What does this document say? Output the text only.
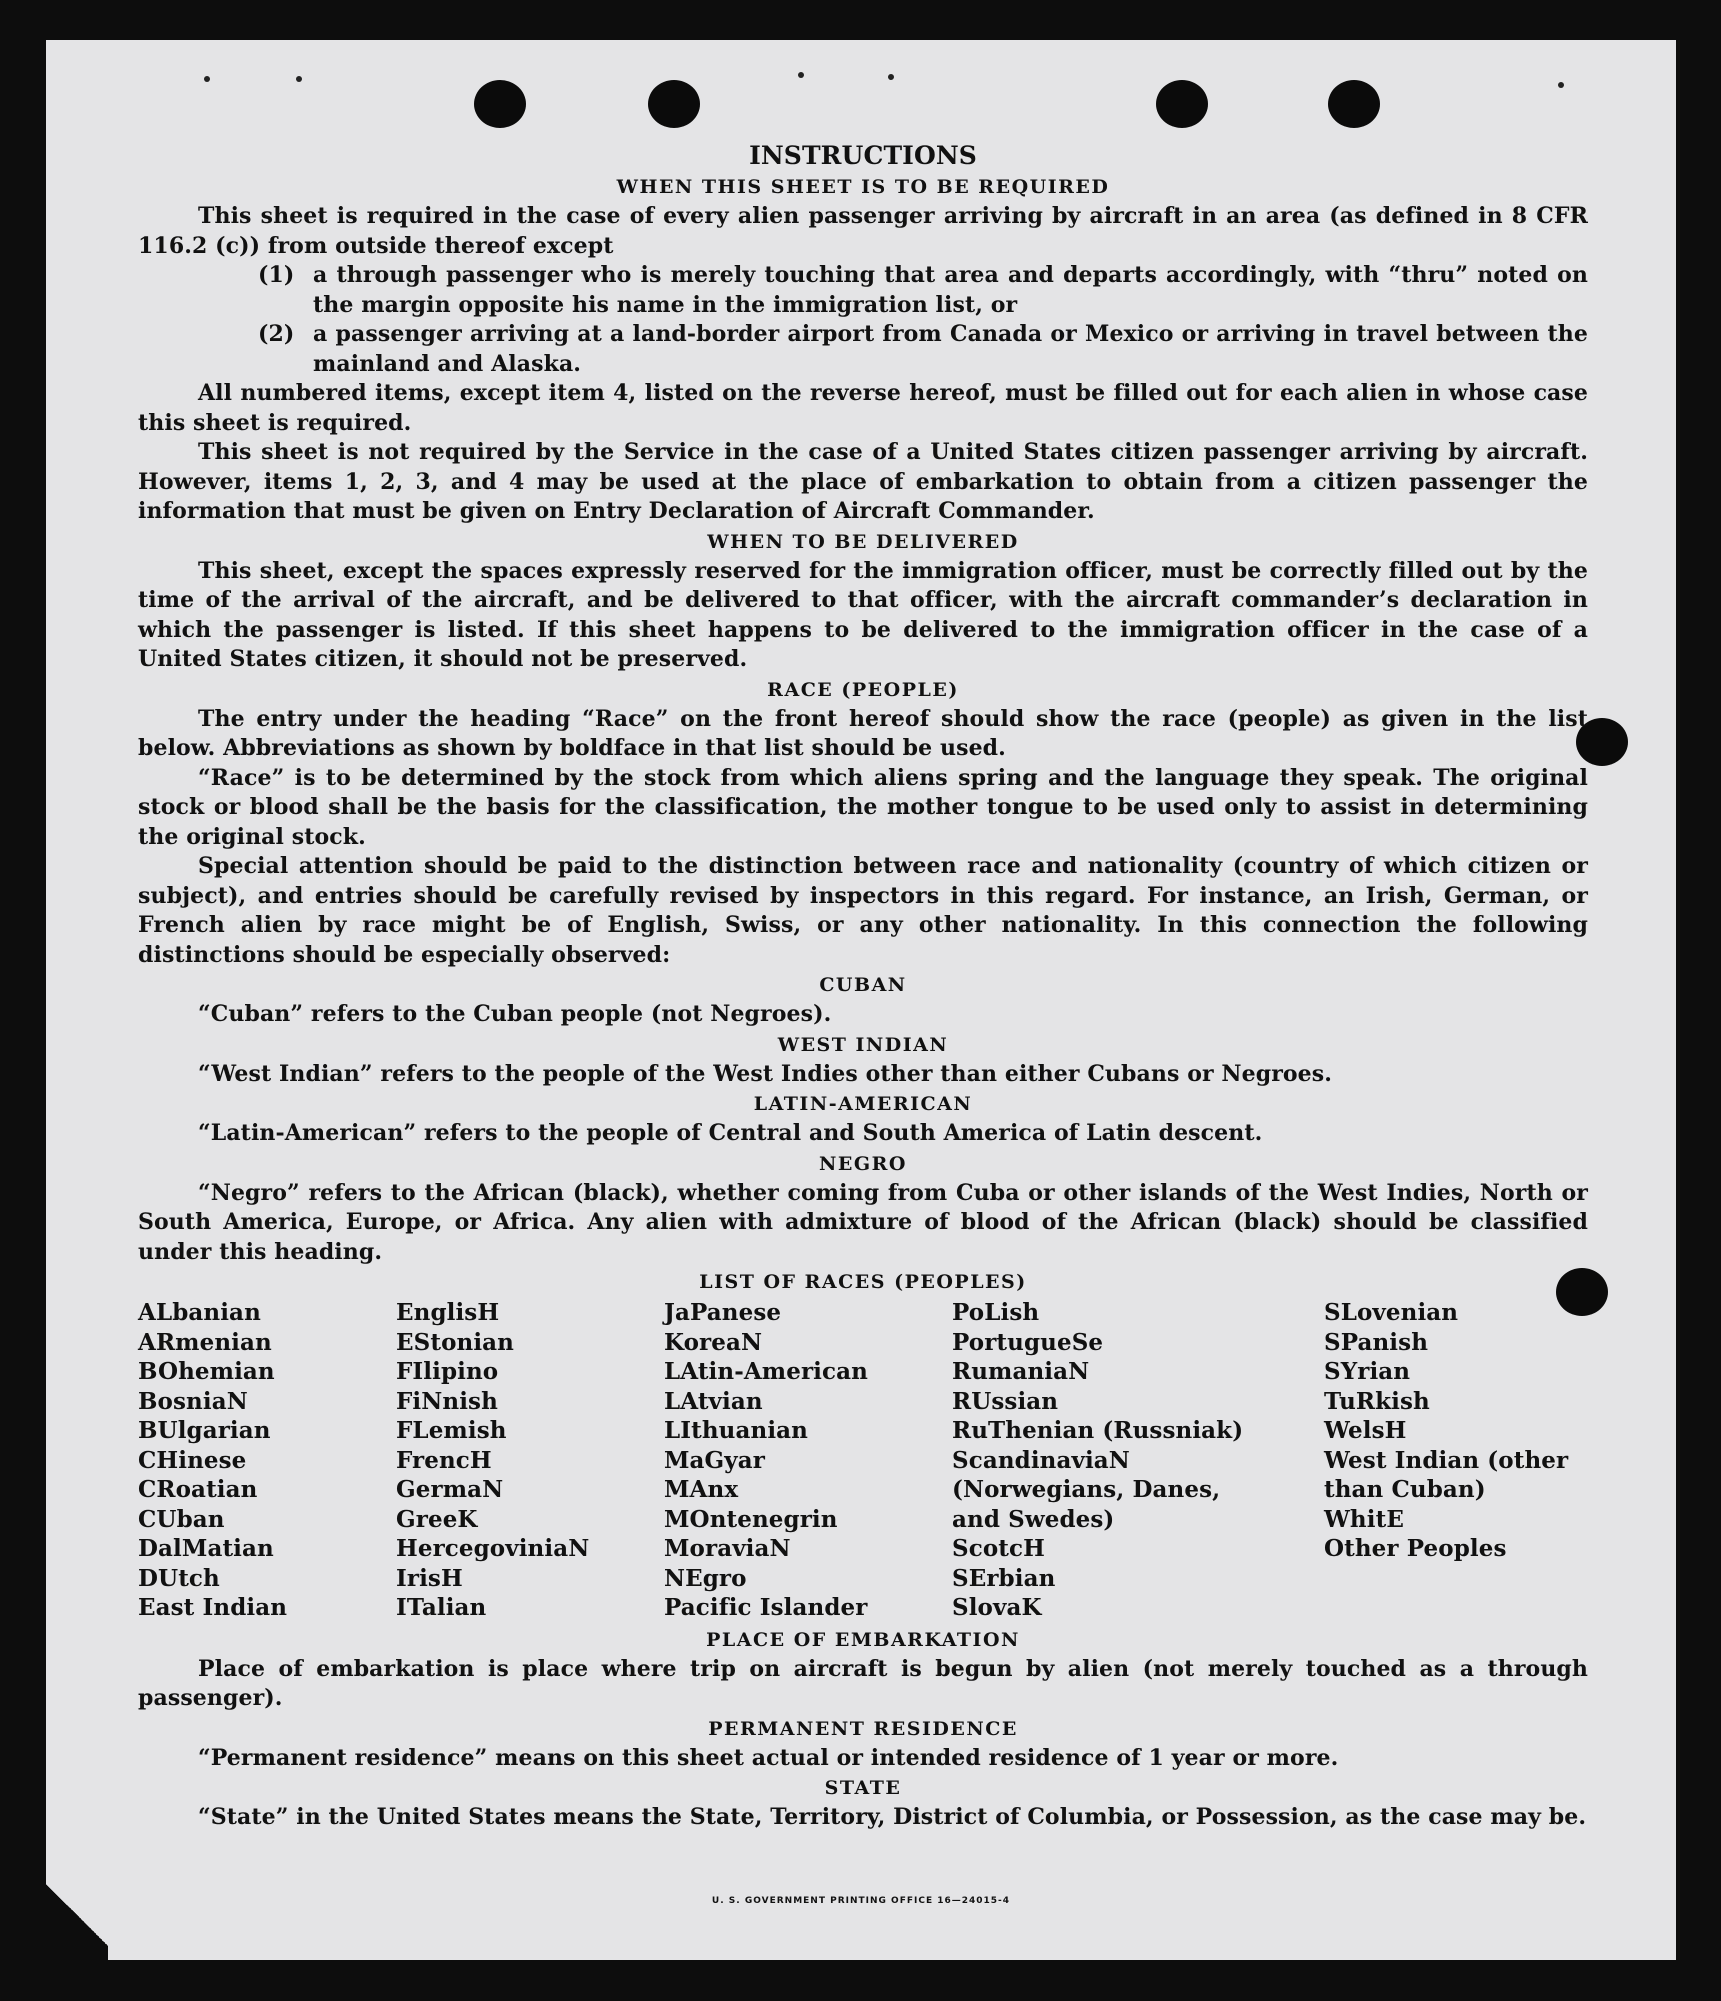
INSTRUCTIONS
WHEN THIS SHEET IS TO BE REQUIRED

This sheet is required in the case of every alien passenger arriving by aircraft in an area (as defined in 8 CFR 116.2 (c)) from outside thereof except

(1) a through passenger who is merely touching that area and departs accordingly, with “thru” noted on the margin opposite his name in the immigration list, or
(2) a passenger arriving at a land-border airport from Canada or Mexico or arriving in travel between the mainland and Alaska.

All numbered items, except item 4, listed on the reverse hereof, must be filled out for each alien in whose case this sheet is required.

This sheet is not required by the Service in the case of a United States citizen passenger arriving by aircraft. However, items 1, 2, 3, and 4 may be used at the place of embarkation to obtain from a citizen passenger the information that must be given on Entry Declaration of Aircraft Commander.

WHEN TO BE DELIVERED

This sheet, except the spaces expressly reserved for the immigration officer, must be correctly filled out by the time of the arrival of the aircraft, and be delivered to that officer, with the aircraft commander’s declaration in which the passenger is listed. If this sheet happens to be delivered to the immigration officer in the case of a United States citizen, it should not be preserved.

RACE (PEOPLE)

The entry under the heading “Race” on the front hereof should show the race (people) as given in the list below. Abbreviations as shown by boldface in that list should be used.

“Race” is to be determined by the stock from which aliens spring and the language they speak. The original stock or blood shall be the basis for the classification, the mother tongue to be used only to assist in determining the original stock.

Special attention should be paid to the distinction between race and nationality (country of which citizen or subject), and entries should be carefully revised by inspectors in this regard. For instance, an Irish, German, or French alien by race might be of English, Swiss, or any other nationality. In this connection the following distinctions should be especially observed:

CUBAN

“Cuban” refers to the Cuban people (not Negroes).

WEST INDIAN

“West Indian” refers to the people of the West Indies other than either Cubans or Negroes.

LATIN-AMERICAN

“Latin-American” refers to the people of Central and South America of Latin descent.

NEGRO

“Negro” refers to the African (black), whether coming from Cuba or other islands of the West Indies, North or South America, Europe, or Africa. Any alien with admixture of blood of the African (black) should be classified under this heading.

LIST OF RACES (PEOPLES)
ALbanian
ARmenian
BOhemian
BosniaN
BUlgarian
CHinese
CRoatian
CUban
DalMatian
DUtch
East Indian
EnglisH
EStonian
FIlipino
FiNnish
FLemish
FrencH
GermaN
GreeK
HercegoviniaN
IrisH
ITalian
JaPanese
KoreaN
LAtin-American
LAtvian
LIthuanian
MaGyar
MAnx
MOntenegrin
MoraviaN
NEgro
Pacific Islander
PoLish
PortugueSe
RumaniaN
RUssian
RuThenian (Russniak)
ScandinaviaN (Norwegians, Danes, and Swedes)
ScotcH
SErbian
SlovaK
SLovenian
SPanish
SYrian
TuRkish
WelsH
West Indian (other than Cuban)
WhitE
Other Peoples
PLACE OF EMBARKATION

Place of embarkation is place where trip on aircraft is begun by alien (not merely touched as a through passenger).

PERMANENT RESIDENCE

“Permanent residence” means on this sheet actual or intended residence of 1 year or more.

STATE

“State” in the United States means the State, Territory, District of Columbia, or Possession, as the case may be.

U. S. GOVERNMENT PRINTING OFFICE 16—24015-4
